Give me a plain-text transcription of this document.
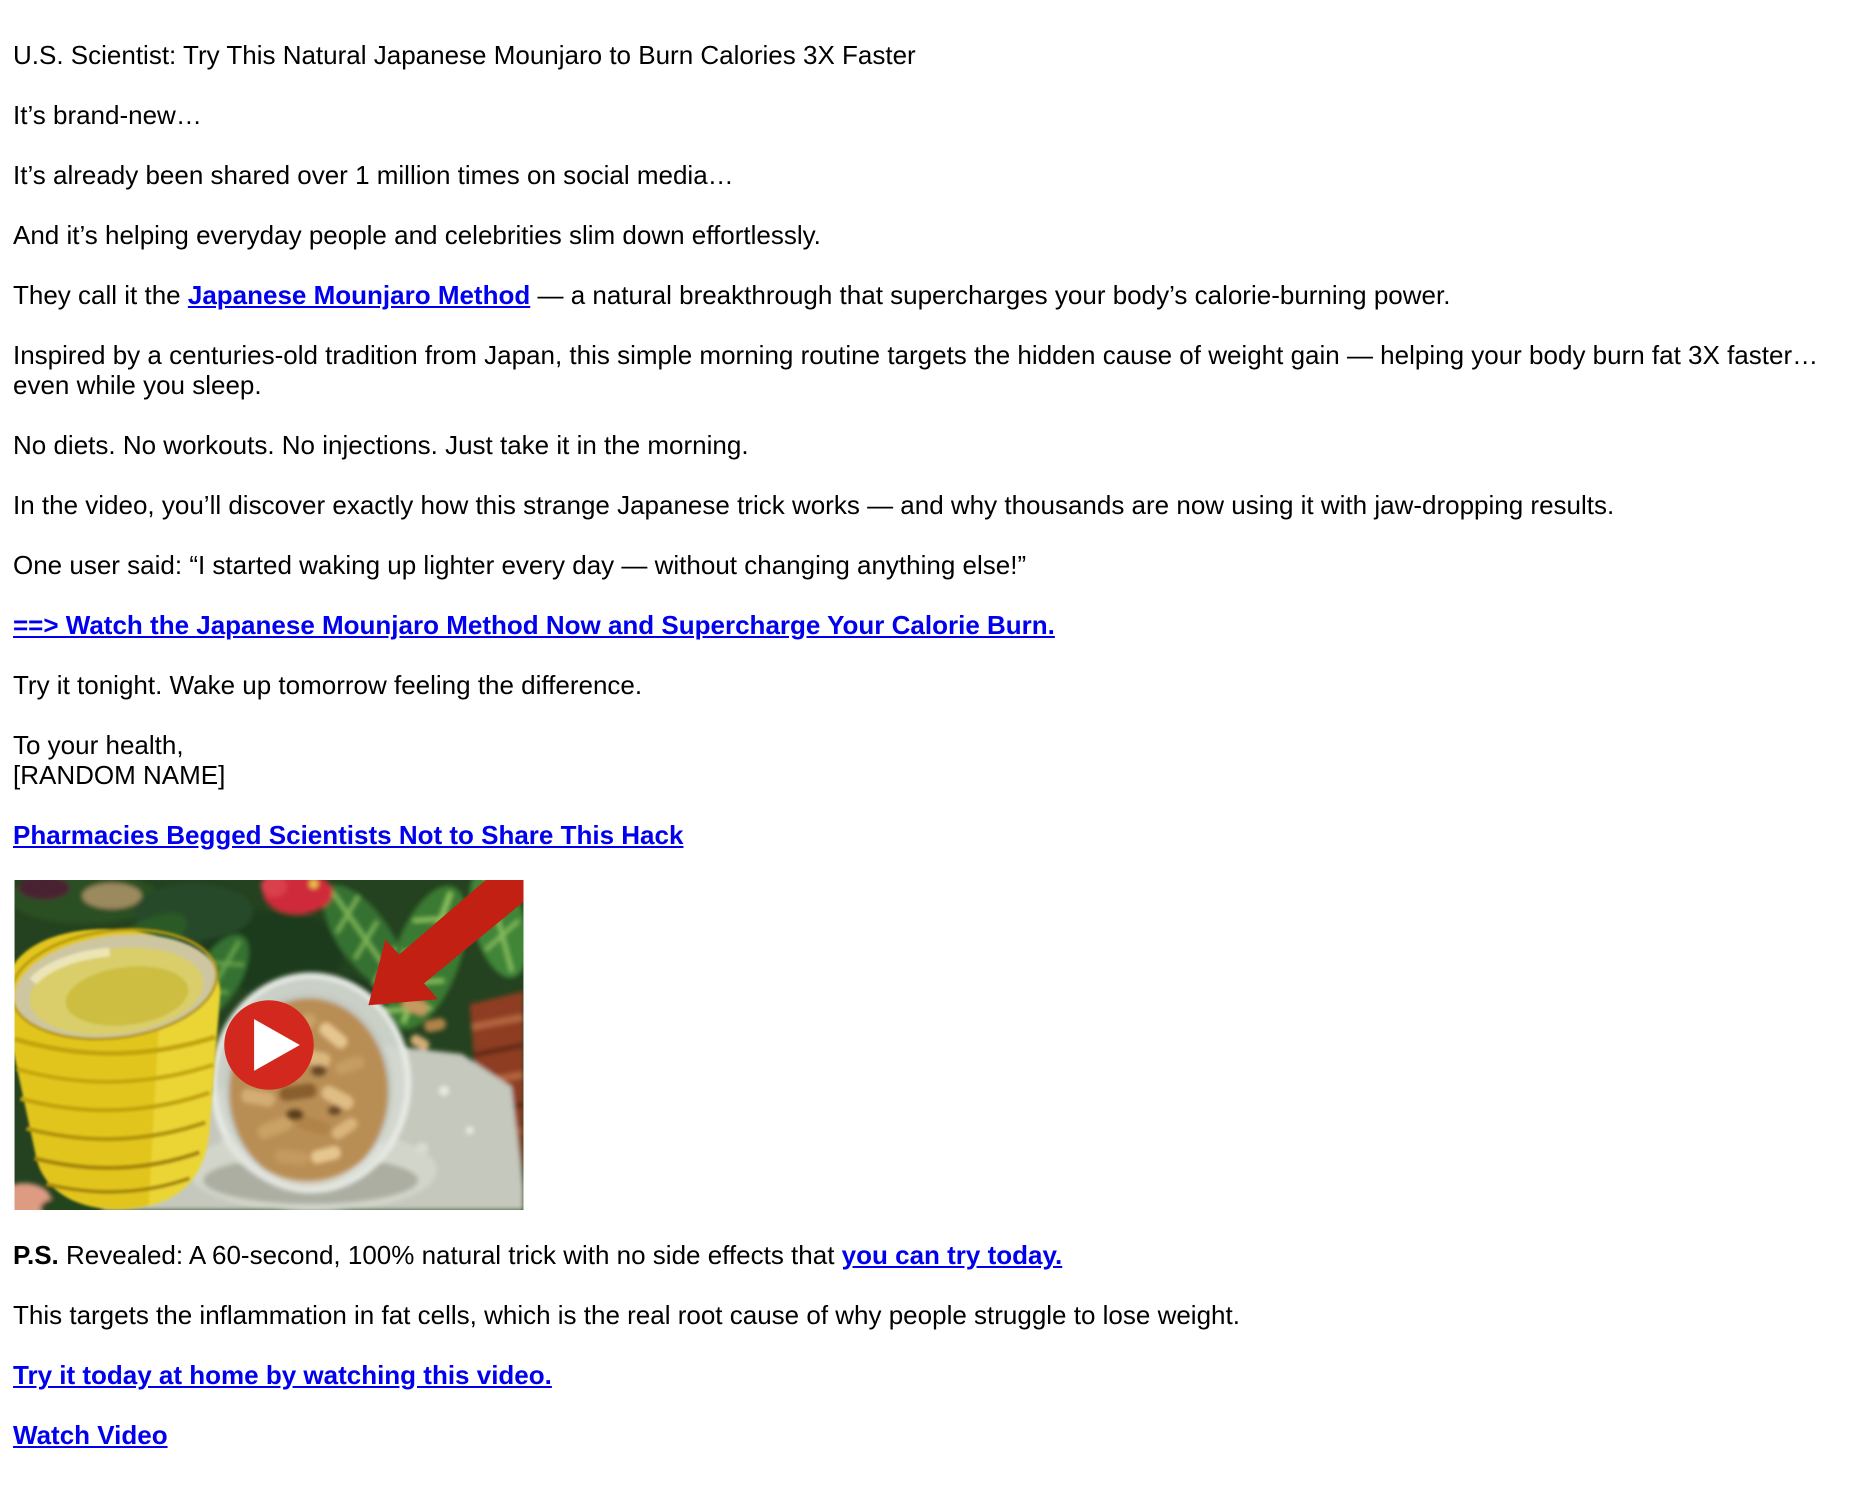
U.S. Scientist: Try This Natural Japanese Mounjaro to Burn Calories 3X Faster

It’s brand-new…

It’s already been shared over 1 million times on social media…

And it’s helping everyday people and celebrities slim down effortlessly.

They call it the Japanese Mounjaro Method — a natural breakthrough that supercharges your body’s calorie-burning power.

Inspired by a centuries-old tradition from Japan, this simple morning routine targets the hidden cause of weight gain — helping your body burn fat 3X faster… even while you sleep.

No diets. No workouts. No injections. Just take it in the morning.

In the video, you’ll discover exactly how this strange Japanese trick works — and why thousands are now using it with jaw-dropping results.

One user said: “I started waking up lighter every day — without changing anything else!”

==> Watch the Japanese Mounjaro Method Now and Supercharge Your Calorie Burn.

Try it tonight. Wake up tomorrow feeling the difference.

To your health,
[RANDOM NAME]

Pharmacies Begged Scientists Not to Share This Hack

P.S. Revealed: A 60-second, 100% natural trick with no side effects that you can try today.

This targets the inflammation in fat cells, which is the real root cause of why people struggle to lose weight.

Try it today at home by watching this video.

Watch Video
